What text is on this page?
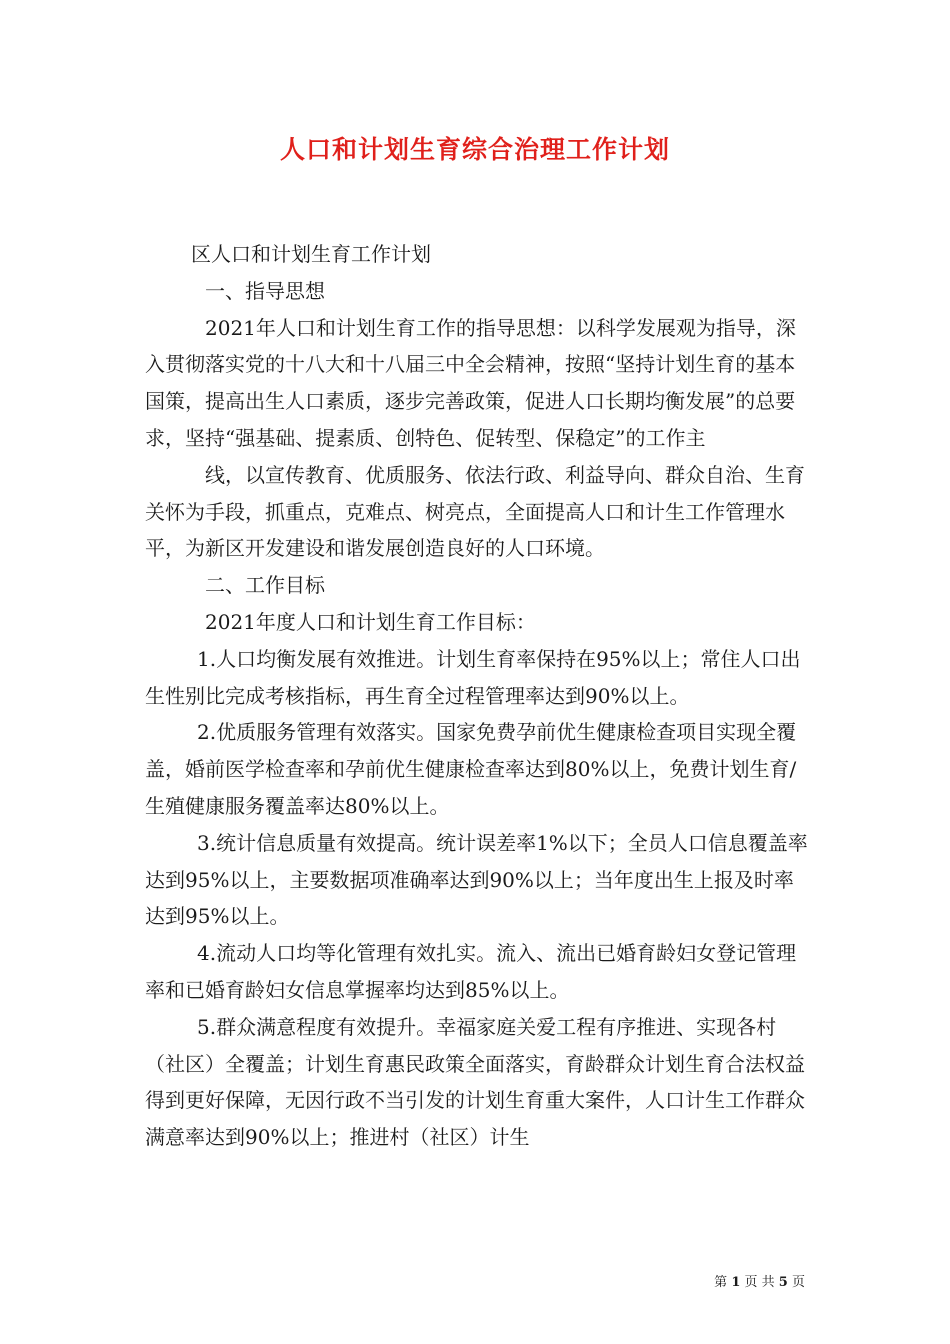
人口和计划生育综合治理工作计划

区人口和计划生育工作计划

一、指导思想

2021年人口和计划生育工作的指导思想：以科学发展观为指导，深入贯彻落实党的十八大和十八届三中全会精神，按照“坚持计划生育的基本国策，提高出生人口素质，逐步完善政策，促进人口长期均衡发展”的总要求，坚持“强基础、提素质、创特色、促转型、保稳定”的工作主

线，以宣传教育、优质服务、依法行政、利益导向、群众自治、生育关怀为手段，抓重点，克难点、树亮点，全面提高人口和计生工作管理水平，为新区开发建设和谐发展创造良好的人口环境。

二、工作目标

2021年度人口和计划生育工作目标：

1.人口均衡发展有效推进。计划生育率保持在95%以上；常住人口出生性别比完成考核指标，再生育全过程管理率达到90%以上。

2.优质服务管理有效落实。国家免费孕前优生健康检查项目实现全覆盖，婚前医学检查率和孕前优生健康检查率达到80%以上，免费计划生育/生殖健康服务覆盖率达80%以上。

3.统计信息质量有效提高。统计误差率1%以下；全员人口信息覆盖率达到95%以上，主要数据项准确率达到90%以上；当年度出生上报及时率达到95%以上。

4.流动人口均等化管理有效扎实。流入、流出已婚育龄妇女登记管理率和已婚育龄妇女信息掌握率均达到85%以上。

5.群众满意程度有效提升。幸福家庭关爱工程有序推进、实现各村（社区）全覆盖；计划生育惠民政策全面落实，育龄群众计划生育合法权益得到更好保障，无因行政不当引发的计划生育重大案件，人口计生工作群众满意率达到90%以上；推进村（社区）计生

第 1 页 共 5 页
